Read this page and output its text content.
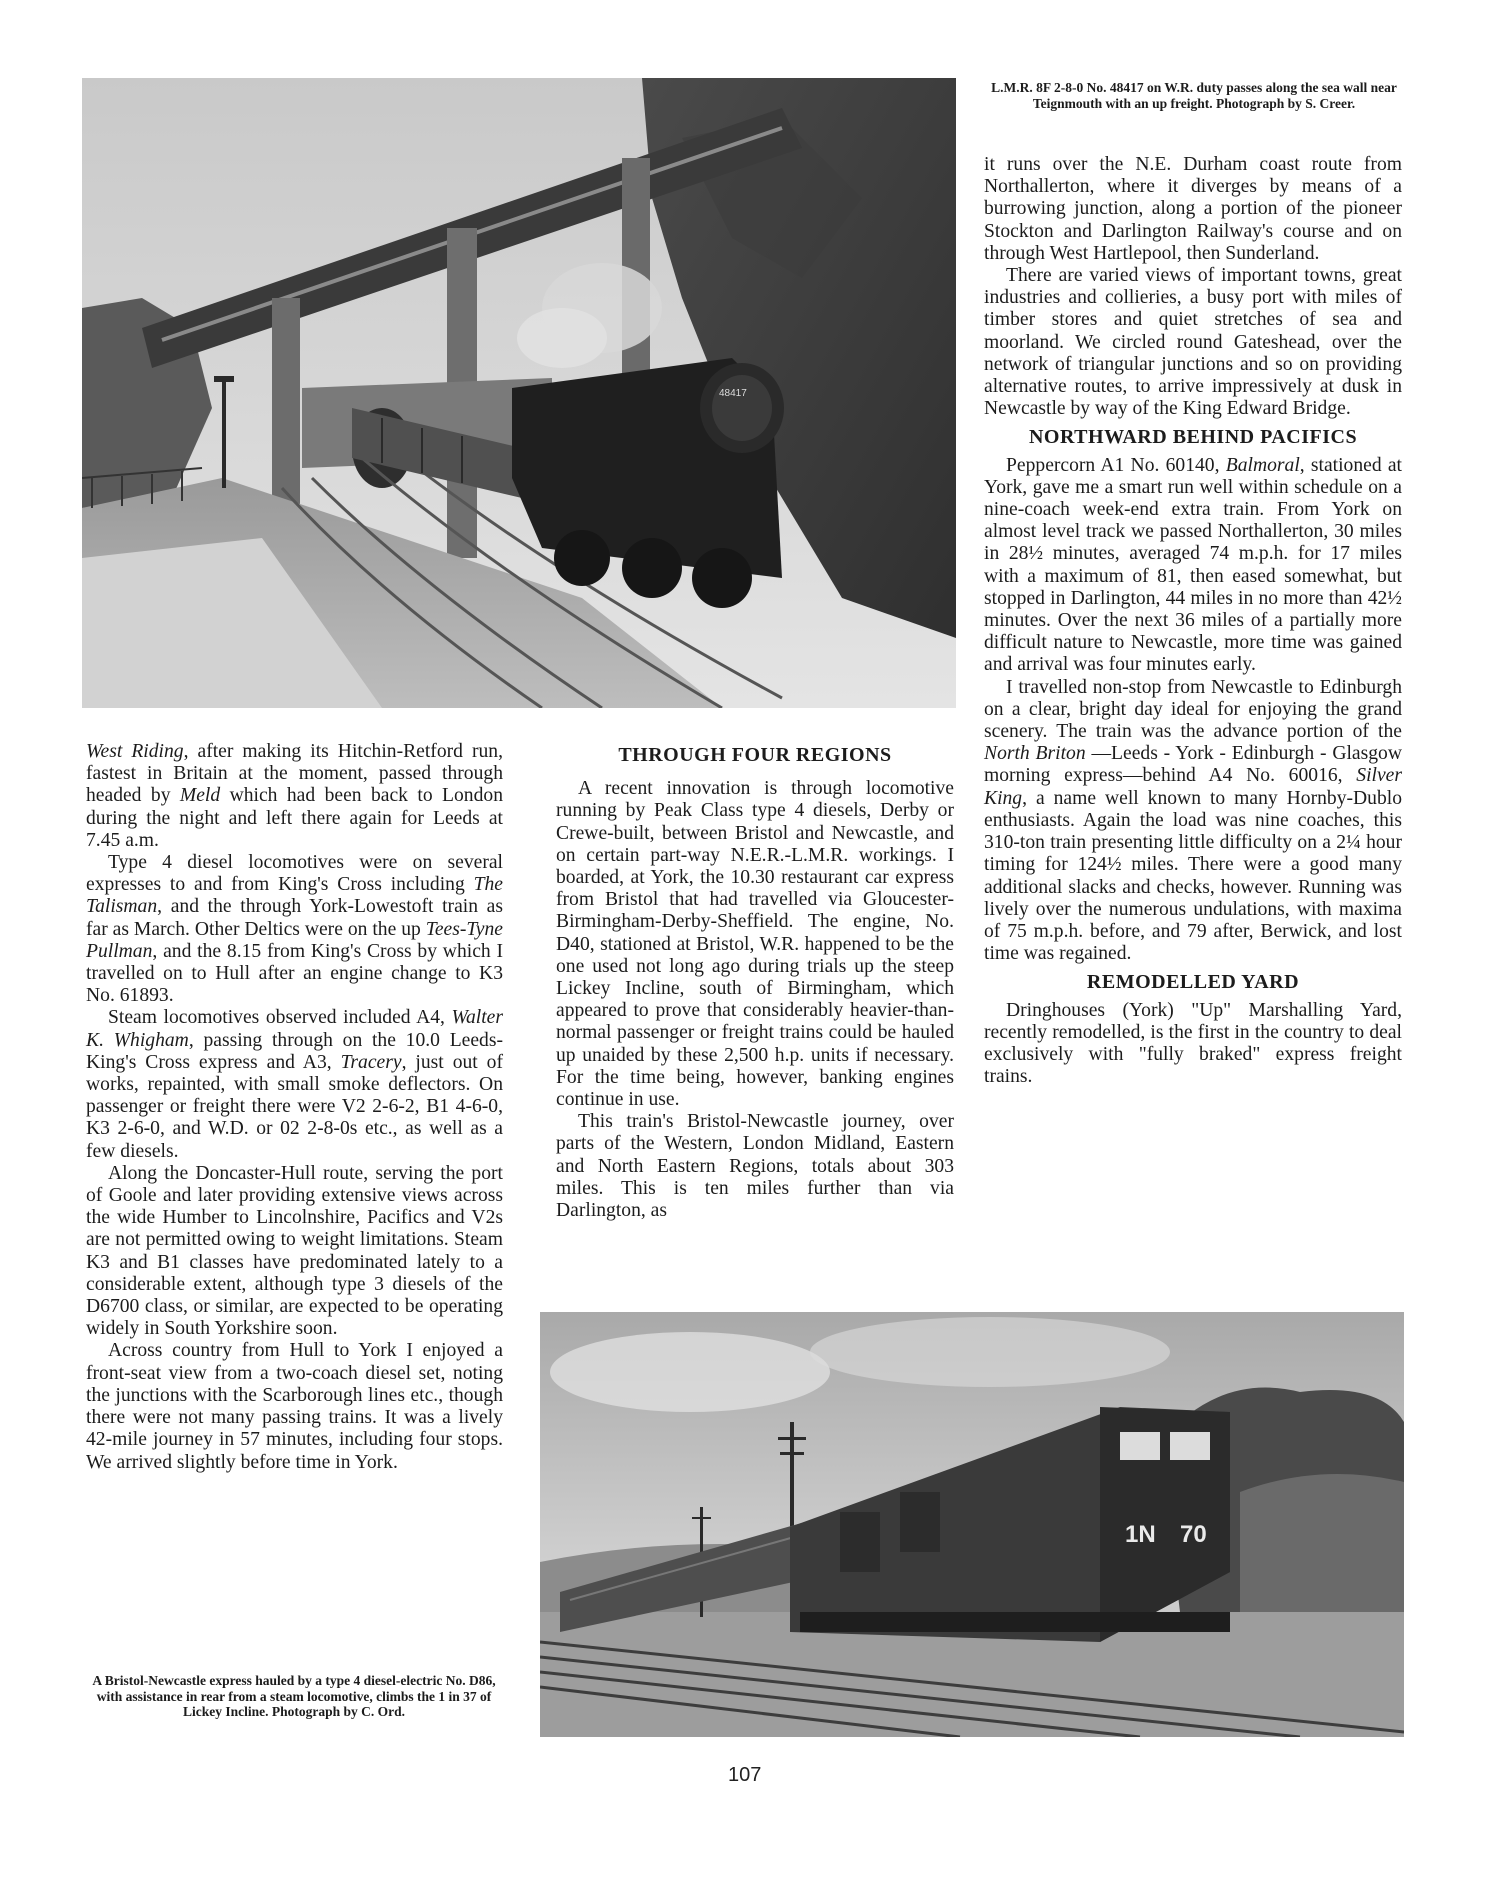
48417
L.M.R. 8F 2-8-0 No. 48417 on W.R. duty passes along the sea wall near Teignmouth with an up freight. Photograph by S. Creer.

West Riding, after making its Hitchin-Retford run, fastest in Britain at the moment, passed through headed by Meld which had been back to London during the night and left there again for Leeds at 7.45 a.m.

Type 4 diesel locomotives were on several expresses to and from King's Cross including The Talisman, and the through York-Lowestoft train as far as March. Other Deltics were on the up Tees-Tyne Pullman, and the 8.15 from King's Cross by which I travelled on to Hull after an engine change to K3 No. 61893.

Steam locomotives observed included A4, Walter K. Whigham, passing through on the 10.0 Leeds-King's Cross express and A3, Tracery, just out of works, repainted, with small smoke deflectors. On passenger or freight there were V2 2-6-2, B1 4-6-0, K3 2-6-0, and W.D. or 02 2-8-0s etc., as well as a few diesels.

Along the Doncaster-Hull route, serving the port of Goole and later providing extensive views across the wide Humber to Lincolnshire, Pacifics and V2s are not permitted owing to weight limitations. Steam K3 and B1 classes have predominated lately to a considerable extent, although type 3 diesels of the D6700 class, or similar, are expected to be operating widely in South Yorkshire soon.

Across country from Hull to York I enjoyed a front-seat view from a two-coach diesel set, noting the junctions with the Scarborough lines etc., though there were not many passing trains. It was a lively 42-mile journey in 57 minutes, including four stops. We arrived slightly before time in York.

THROUGH FOUR REGIONS

A recent innovation is through locomotive running by Peak Class type 4 diesels, Derby or Crewe-built, between Bristol and Newcastle, and on certain part-way N.E.R.-L.M.R. workings. I boarded, at York, the 10.30 restaurant car express from Bristol that had travelled via Gloucester-Birmingham-Derby-Sheffield. The engine, No. D40, stationed at Bristol, W.R. happened to be the one used not long ago during trials up the steep Lickey Incline, south of Birmingham, which appeared to prove that considerably heavier-than-normal passenger or freight trains could be hauled up unaided by these 2,500 h.p. units if necessary. For the time being, however, banking engines continue in use.

This train's Bristol-Newcastle journey, over parts of the Western, London Midland, Eastern and North Eastern Regions, totals about 303 miles. This is ten miles further than via Darlington, as

it runs over the N.E. Durham coast route from Northallerton, where it diverges by means of a burrowing junction, along a portion of the pioneer Stockton and Darlington Railway's course and on through West Hartlepool, then Sunderland.

There are varied views of important towns, great industries and collieries, a busy port with miles of timber stores and quiet stretches of sea and moorland. We circled round Gateshead, over the network of triangular junctions and so on providing alternative routes, to arrive impressively at dusk in Newcastle by way of the King Edward Bridge.

NORTHWARD BEHIND PACIFICS

Peppercorn A1 No. 60140, Balmoral, stationed at York, gave me a smart run well within schedule on a nine-coach week-end extra train. From York on almost level track we passed Northallerton, 30 miles in 28½ minutes, averaged 74 m.p.h. for 17 miles with a maximum of 81, then eased somewhat, but stopped in Darlington, 44 miles in no more than 42½ minutes. Over the next 36 miles of a partially more difficult nature to Newcastle, more time was gained and arrival was four minutes early.

I travelled non-stop from Newcastle to Edinburgh on a clear, bright day ideal for enjoying the grand scenery. The train was the advance portion of the North Briton —Leeds - York - Edinburgh - Glasgow morning express—behind A4 No. 60016, Silver King, a name well known to many Hornby-Dublo enthusiasts. Again the load was nine coaches, this 310-ton train presenting little difficulty on a 2¼ hour timing for 124½ miles. There were a good many additional slacks and checks, however. Running was lively over the numerous undulations, with maxima of 75 m.p.h. before, and 79 after, Berwick, and lost time was regained.

REMODELLED YARD

Dringhouses (York) "Up" Marshalling Yard, recently remodelled, is the first in the country to deal exclusively with "fully braked" express freight trains.

1N 70
A Bristol-Newcastle express hauled by a type 4 diesel-electric No. D86, with assistance in rear from a steam locomotive, climbs the 1 in 37 of Lickey Incline. Photograph by C. Ord.
107
